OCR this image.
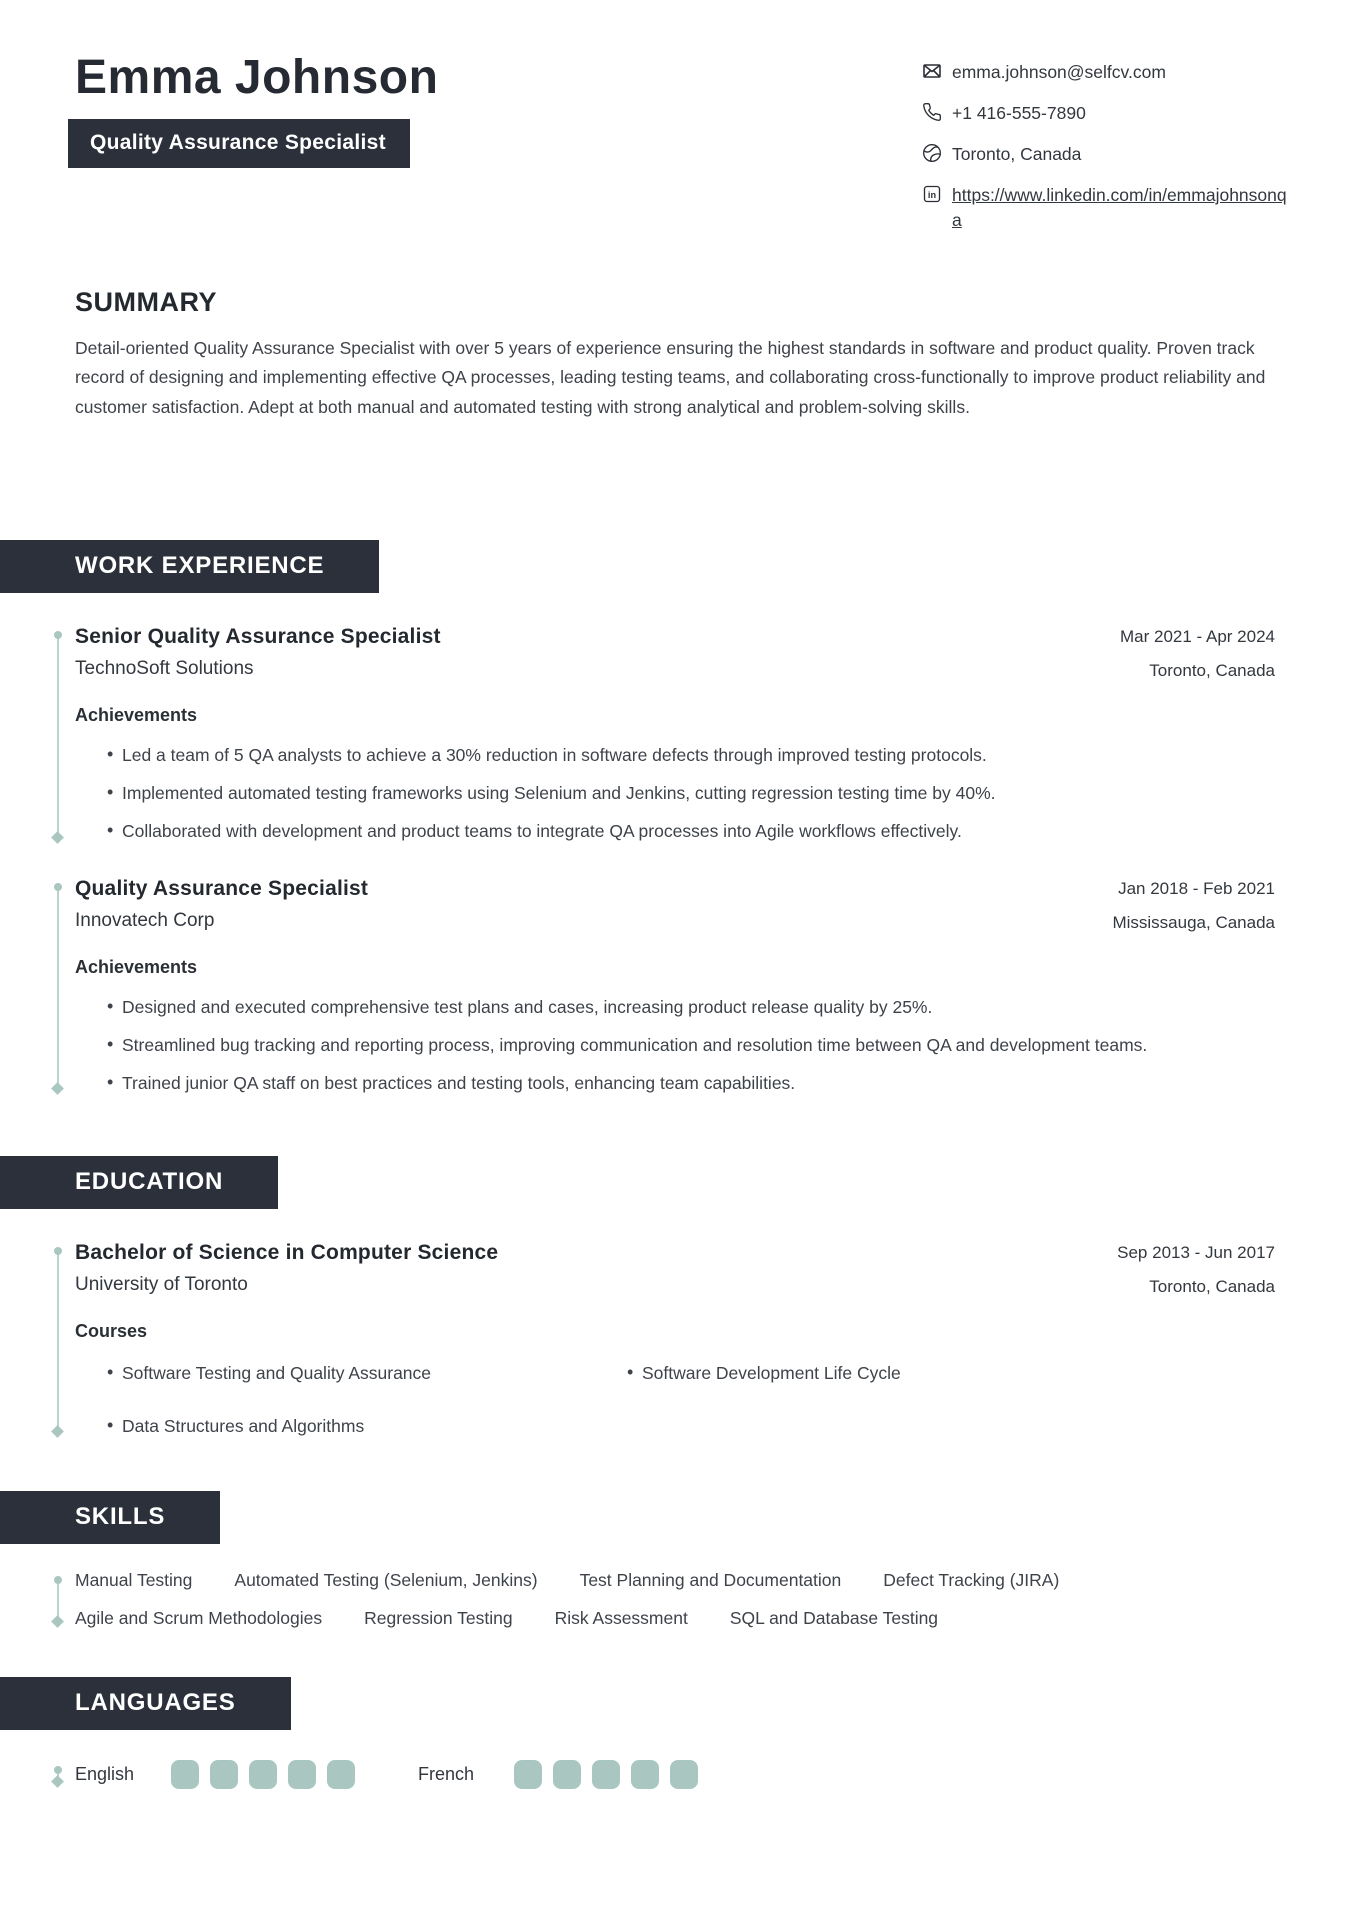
Emma Johnson
Quality Assurance Specialist
emma.johnson@selfcv.com
+1 416-555-7890
Toronto, Canada
in https://www.linkedin.com/in/emmajohnsonqa
SUMMARY

Detail-oriented Quality Assurance Specialist with over 5 years of experience ensuring the highest standards in software and product quality. Proven track record of designing and implementing effective QA processes, leading testing teams, and collaborating cross-functionally to improve product reliability and customer satisfaction. Adept at both manual and automated testing with strong analytical and problem-solving skills.

WORK EXPERIENCE
Senior Quality Assurance Specialist
TechnoSoft Solutions
Mar 2021 - Apr 2024
Toronto, Canada
Achievements
• Led a team of 5 QA analysts to achieve a 30% reduction in software defects through improved testing protocols.
• Implemented automated testing frameworks using Selenium and Jenkins, cutting regression testing time by 40%.
• Collaborated with development and product teams to integrate QA processes into Agile workflows effectively.
Quality Assurance Specialist
Innovatech Corp
Jan 2018 - Feb 2021
Mississauga, Canada
Achievements
• Designed and executed comprehensive test plans and cases, increasing product release quality by 25%.
• Streamlined bug tracking and reporting process, improving communication and resolution time between QA and development teams.
• Trained junior QA staff on best practices and testing tools, enhancing team capabilities.
EDUCATION
Bachelor of Science in Computer Science
University of Toronto
Sep 2013 - Jun 2017
Toronto, Canada
Courses
• Software Testing and Quality Assurance	• Software Development Life Cycle
• Data Structures and Algorithms
SKILLS
Manual Testing Automated Testing (Selenium, Jenkins) Test Planning and Documentation Defect Tracking (JIRA)
Agile and Scrum Methodologies Regression Testing Risk Assessment SQL and Database Testing
LANGUAGES
English	French
